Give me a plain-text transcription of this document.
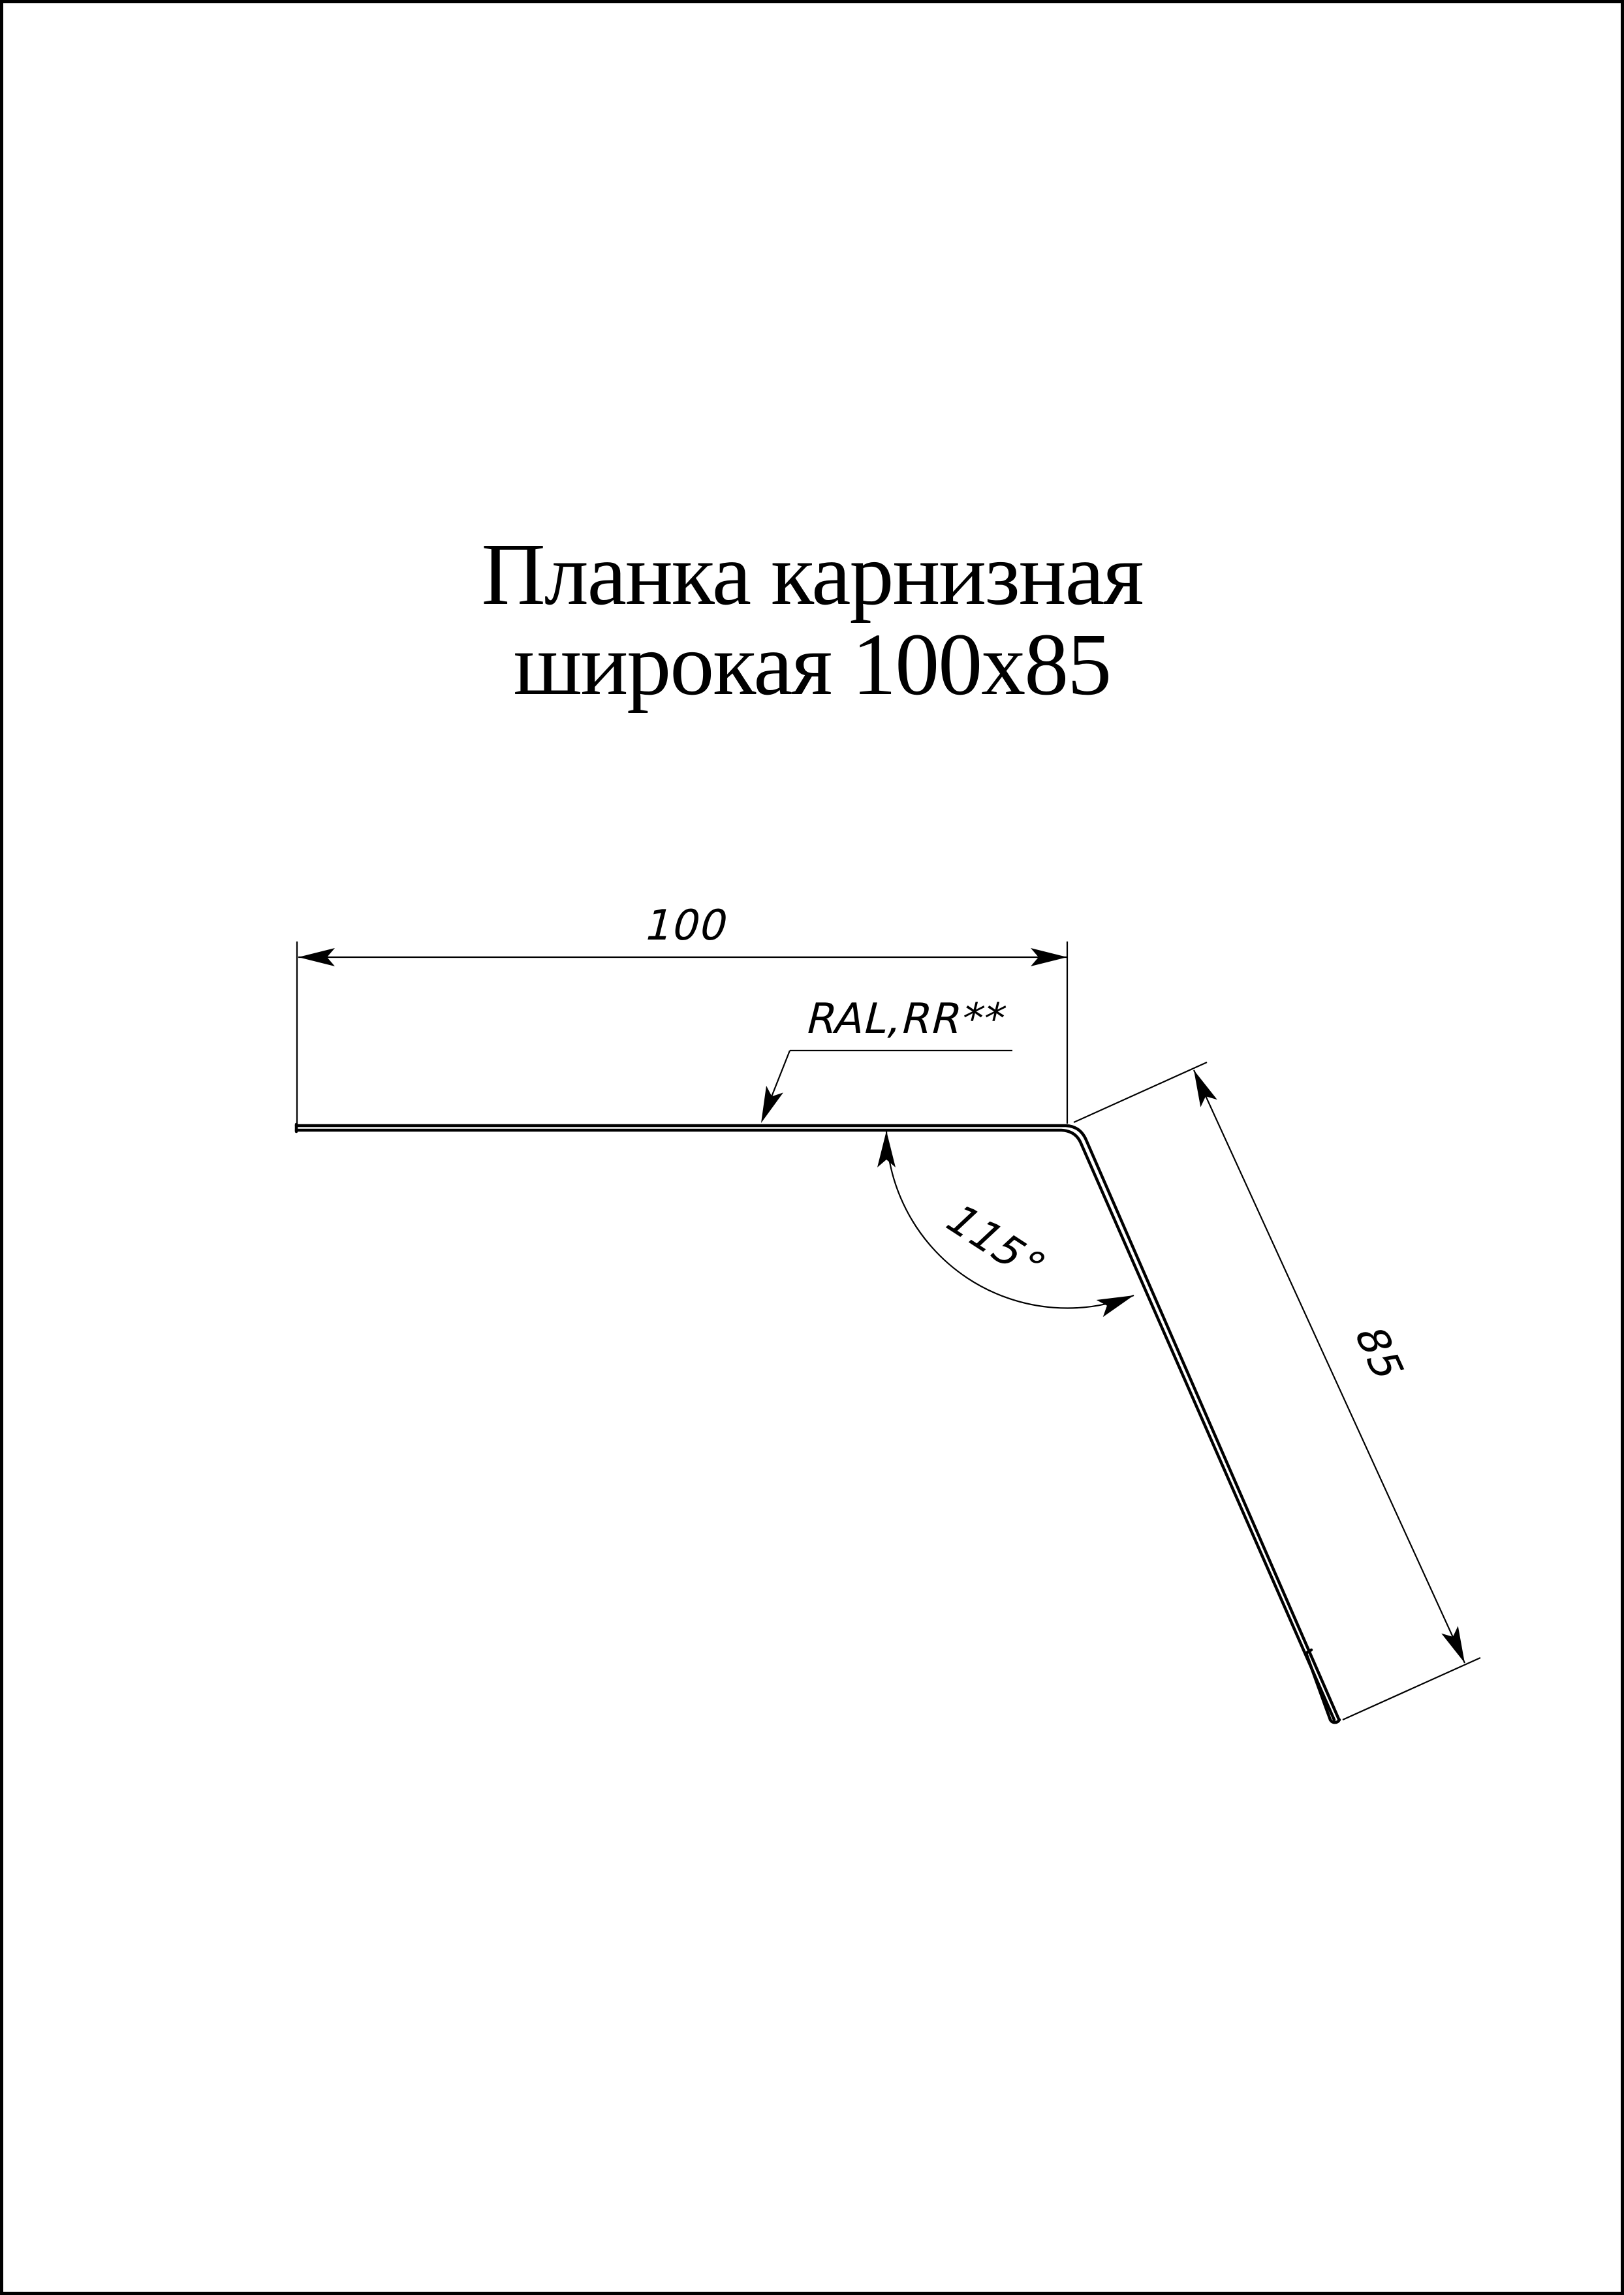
Планка карнизная
широкая 100x85
100
RAL,RR**
115°
85
